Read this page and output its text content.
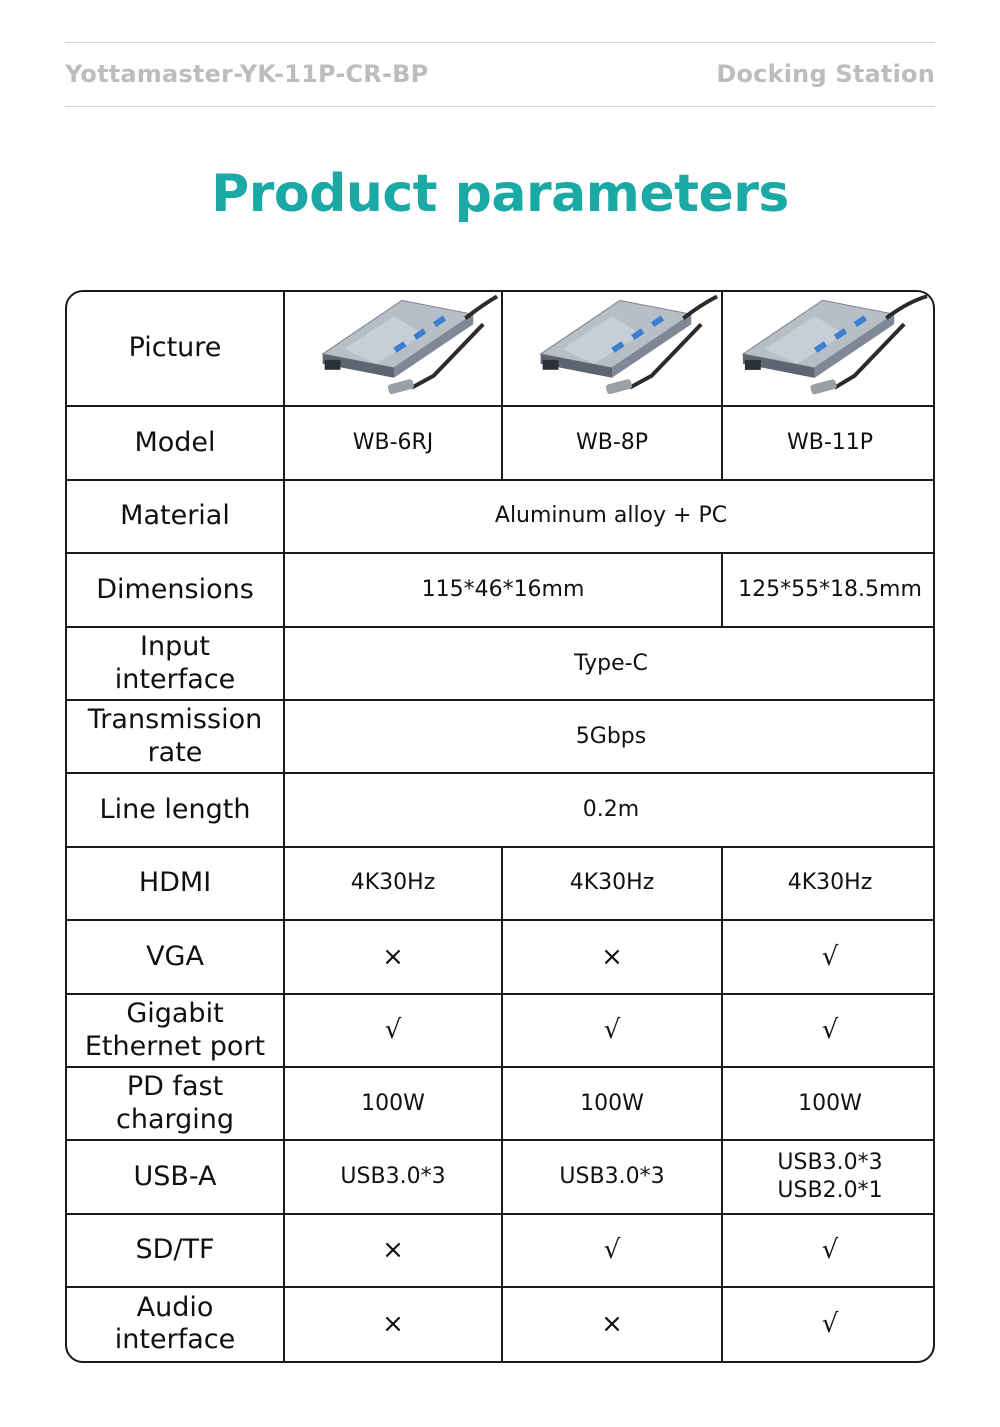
Yottamaster-YK-11P-CR-BP	Docking Station
Product parameters
Picture	

Model	WB-6RJ	WB-8P	WB-11P
Material	Aluminum alloy + PC		
Dimensions	115*46*16mm		125*55*18.5mm

Input
interface	Type-C		

Transmission
rate	5Gbps		
Line length	0.2m		
HDMI	4K30Hz	4K30Hz	4K30Hz
VGA	×	×	√

Gigabit
Ethernet port	√	√	√

PD fast
charging	100W	100W	100W
USB-A	USB3.0*3	USB3.0*3	USB3.0*3
USB2.0*1

SD/TF	×	√	√

Audio
interface	×	×	√
